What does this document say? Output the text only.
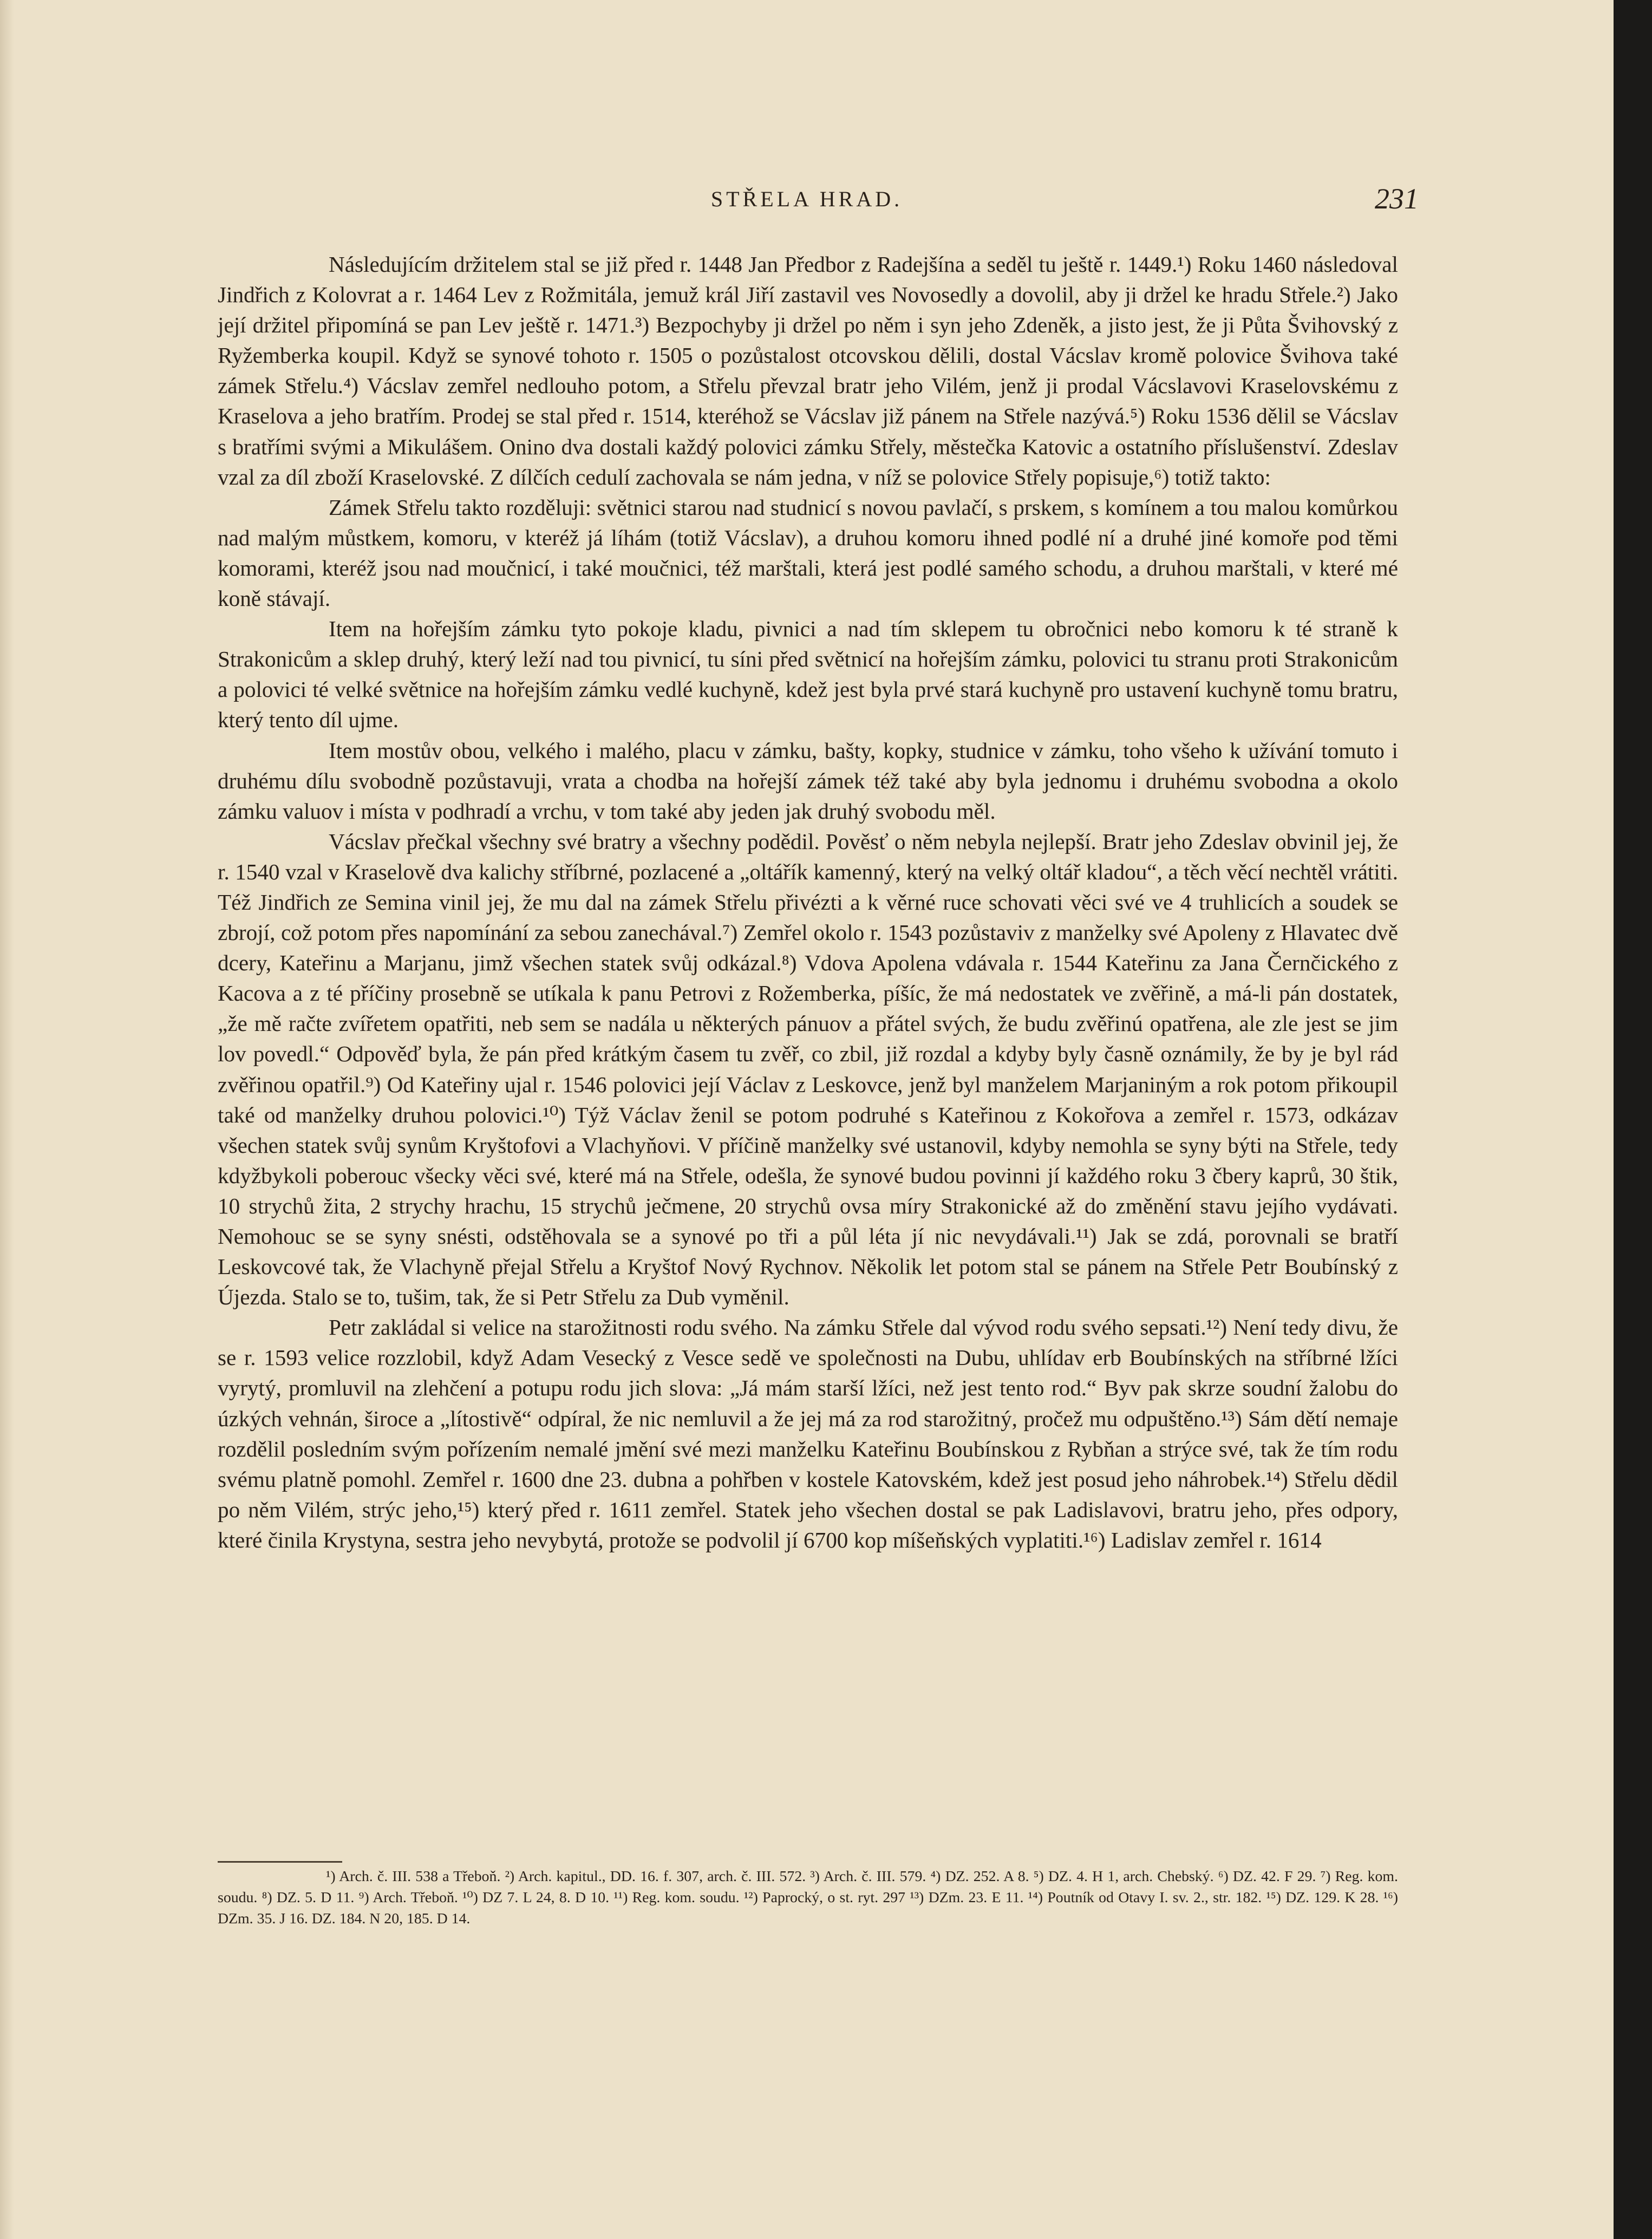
STŘELA HRAD.	231

Následujícím držitelem stal se již před r. 1448 Jan Předbor z Radejšína a seděl tu ještě r. 1449.¹) Roku 1460 následoval Jindřich z Kolovrat a r. 1464 Lev z Rožmitála, jemuž král Jiří zastavil ves Novosedly a dovolil, aby ji držel ke hradu Střele.²) Jako její držitel připomíná se pan Lev ještě r. 1471.³) Bezpochyby ji držel po něm i syn jeho Zdeněk, a jisto jest, že ji Půta Švihovský z Ryžemberka koupil. Když se synové tohoto r. 1505 o pozůstalost otcovskou dělili, dostal Vácslav kromě polovice Švihova také zámek Střelu.⁴) Vácslav zemřel nedlouho potom, a Střelu převzal bratr jeho Vilém, jenž ji prodal Vácslavovi Kraselovskému z Kraselova a jeho bratřím. Prodej se stal před r. 1514, kteréhož se Vácslav již pánem na Střele nazývá.⁵) Roku 1536 dělil se Vácslav s bratřími svými a Mikulášem. Onino dva dostali každý polovici zámku Střely, městečka Katovic a ostatního příslušenství. Zdeslav vzal za díl zboží Kraselovské. Z dílčích cedulí zachovala se nám jedna, v níž se polovice Střely popisuje,⁶) totiž takto:

Zámek Střelu takto rozděluji: světnici starou nad studnicí s novou pavlačí, s prskem, s komínem a tou malou komůrkou nad malým můstkem, komoru, v kteréž já líhám (totiž Vácslav), a druhou komoru ihned podlé ní a druhé jiné komoře pod těmi komorami, kteréž jsou nad moučnicí, i také moučnici, též marštali, která jest podlé samého schodu, a druhou marštali, v které mé koně stávají.

Item na hořejším zámku tyto pokoje kladu, pivnici a nad tím sklepem tu obročnici nebo komoru k té straně k Strakonicům a sklep druhý, který leží nad tou pivnicí, tu síni před světnicí na hořejším zámku, polovici tu stranu proti Strakonicům a polovici té velké světnice na hořejším zámku vedlé kuchyně, kdež jest byla prvé stará kuchyně pro ustavení kuchyně tomu bratru, který tento díl ujme.

Item mostův obou, velkého i malého, placu v zámku, bašty, kopky, studnice v zámku, toho všeho k užívání tomuto i druhému dílu svobodně pozůstavuji, vrata a chodba na hořejší zámek též také aby byla jednomu i druhému svobodna a okolo zámku valuov i místa v podhradí a vrchu, v tom také aby jeden jak druhý svobodu měl.

Vácslav přečkal všechny své bratry a všechny podědil. Pověsť o něm nebyla nejlepší. Bratr jeho Zdeslav obvinil jej, že r. 1540 vzal v Kraselově dva kalichy stříbrné, pozlacené a „oltářík kamenný, který na velký oltář kladou“, a těch věcí nechtěl vrátiti. Též Jindřich ze Semina vinil jej, že mu dal na zámek Střelu přivézti a k věrné ruce schovati věci své ve 4 truhlicích a soudek se zbrojí, což potom přes napomínání za sebou zanechával.⁷) Zemřel okolo r. 1543 pozůstaviv z manželky své Apoleny z Hlavatec dvě dcery, Kateřinu a Marjanu, jimž všechen statek svůj odkázal.⁸) Vdova Apolena vdávala r. 1544 Kateřinu za Jana Černčického z Kacova a z té příčiny prosebně se utíkala k panu Petrovi z Rožemberka, píšíc, že má nedostatek ve zvěřině, a má-li pán dostatek, „že mě račte zvířetem opatřiti, neb sem se nadála u některých pánuov a přátel svých, že budu zvěřinú opatřena, ale zle jest se jim lov povedl.“ Odpověď byla, že pán před krátkým časem tu zvěř, co zbil, již rozdal a kdyby byly časně oznámily, že by je byl rád zvěřinou opatřil.⁹) Od Kateřiny ujal r. 1546 polovici její Václav z Leskovce, jenž byl manželem Marjaniným a rok potom přikoupil také od manželky druhou polovici.¹⁰) Týž Václav ženil se potom podruhé s Kateřinou z Kokořova a zemřel r. 1573, odkázav všechen statek svůj synům Kryštofovi a Vlachyňovi. V příčině manželky své ustanovil, kdyby nemohla se syny býti na Střele, tedy kdyžbykoli poberouc všecky věci své, které má na Střele, odešla, že synové budou povinni jí každého roku 3 čbery kaprů, 30 štik, 10 strychů žita, 2 strychy hrachu, 15 strychů ječmene, 20 strychů ovsa míry Strakonické až do změnění stavu jejího vydávati. Nemohouc se se syny snésti, odstěhovala se a synové po tři a půl léta jí nic nevydávali.¹¹) Jak se zdá, porovnali se bratří Leskovcové tak, že Vlachyně přejal Střelu a Kryštof Nový Rychnov. Několik let potom stal se pánem na Střele Petr Boubínský z Újezda. Stalo se to, tušim, tak, že si Petr Střelu za Dub vyměnil.

Petr zakládal si velice na starožitnosti rodu svého. Na zámku Střele dal vývod rodu svého sepsati.¹²) Není tedy divu, že se r. 1593 velice rozzlobil, když Adam Vesecký z Vesce sedě ve společnosti na Dubu, uhlídav erb Boubínských na stříbrné lžíci vyrytý, promluvil na zlehčení a potupu rodu jich slova: „Já mám starší lžíci, než jest tento rod.“ Byv pak skrze soudní žalobu do úzkých vehnán, široce a „lítostivě“ odpíral, že nic nemluvil a že jej má za rod starožitný, pročež mu odpuštěno.¹³) Sám dětí nemaje rozdělil posledním svým pořízením nemalé jmění své mezi manželku Kateřinu Boubínskou z Rybňan a strýce své, tak že tím rodu svému platně pomohl. Zemřel r. 1600 dne 23. dubna a pohřben v kostele Katovském, kdež jest posud jeho náhrobek.¹⁴) Střelu dědil po něm Vilém, strýc jeho,¹⁵) který před r. 1611 zemřel. Statek jeho všechen dostal se pak Ladislavovi, bratru jeho, přes odpory, které činila Krystyna, sestra jeho nevybytá, protože se podvolil jí 6700 kop míšeňských vyplatiti.¹⁶) Ladislav zemřel r. 1614

¹) Arch. č. III. 538 a Třeboň. ²) Arch. kapitul., DD. 16. f. 307, arch. č. III. 572. ³) Arch. č. III. 579. ⁴) DZ. 252. A 8. ⁵) DZ. 4. H 1, arch. Chebský. ⁶) DZ. 42. F 29. ⁷) Reg. kom. soudu. ⁸) DZ. 5. D 11. ⁹) Arch. Třeboň. ¹⁰) DZ 7. L 24, 8. D 10. ¹¹) Reg. kom. soudu. ¹²) Paprocký, o st. ryt. 297 ¹³) DZm. 23. E 11. ¹⁴) Poutník od Otavy I. sv. 2., str. 182. ¹⁵) DZ. 129. K 28. ¹⁶) DZm. 35. J 16. DZ. 184. N 20, 185. D 14.
